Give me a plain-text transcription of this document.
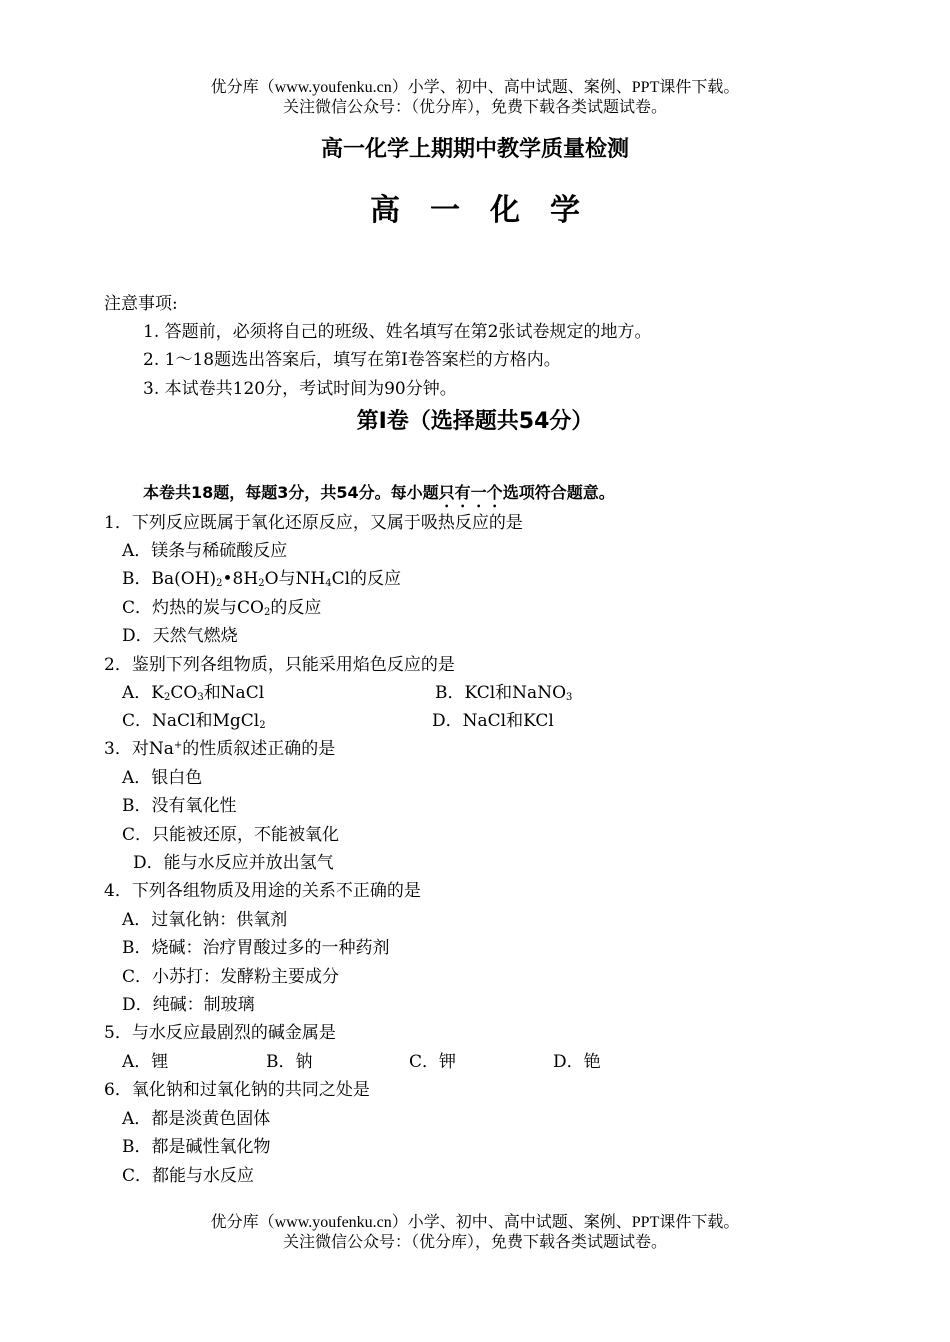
优分库（www.youfenku.cn）小学、初中、高中试题、案例、PPT课件下载。
关注微信公众号：（优分库），免费下载各类试题试卷。
高一化学上期期中教学质量检测
高　一　化　学
注意事项:
1. 答题前，必须将自己的班级、姓名填写在第2张试卷规定的地方。
2. 1～18题选出答案后，填写在第Ⅰ卷答案栏的方格内。
3. 本试卷共120分，考试时间为90分钟。
第Ⅰ卷（选择题共54分）
本卷共18题，每题3分，共54分。每小题只有一个选项符合题意。
1．下列反应既属于氧化还原反应，又属于吸热反应的是
A．镁条与稀硫酸反应
B．$Ba(OH)_2•8H_2O$与$NH_4Cl$的反应
C．灼热的炭与$CO_2$的反应
D．天然气燃烧
2．鉴别下列各组物质，只能采用焰色反应的是
A．$K_2CO_3$和NaCl	B．KCl和NaNO$_3$
C．NaCl和MgCl$_2$	D．NaCl和KCl
3．对Na+的性质叙述正确的是
A．银白色
B．没有氧化性
C．只能被还原，不能被氧化
D．能与水反应并放出氢气
4．下列各组物质及用途的关系不正确的是
A．过氧化钠：供氧剂
B．烧碱：治疗胃酸过多的一种药剂
C．小苏打：发酵粉主要成分
D．纯碱：制玻璃
5．与水反应最剧烈的碱金属是
A．锂	B．钠	C．钾	D．铯
6．氧化钠和过氧化钠的共同之处是
A．都是淡黄色固体
B．都是碱性氧化物
C．都能与水反应
优分库（www.youfenku.cn）小学、初中、高中试题、案例、PPT课件下载。
关注微信公众号：（优分库），免费下载各类试题试卷。
